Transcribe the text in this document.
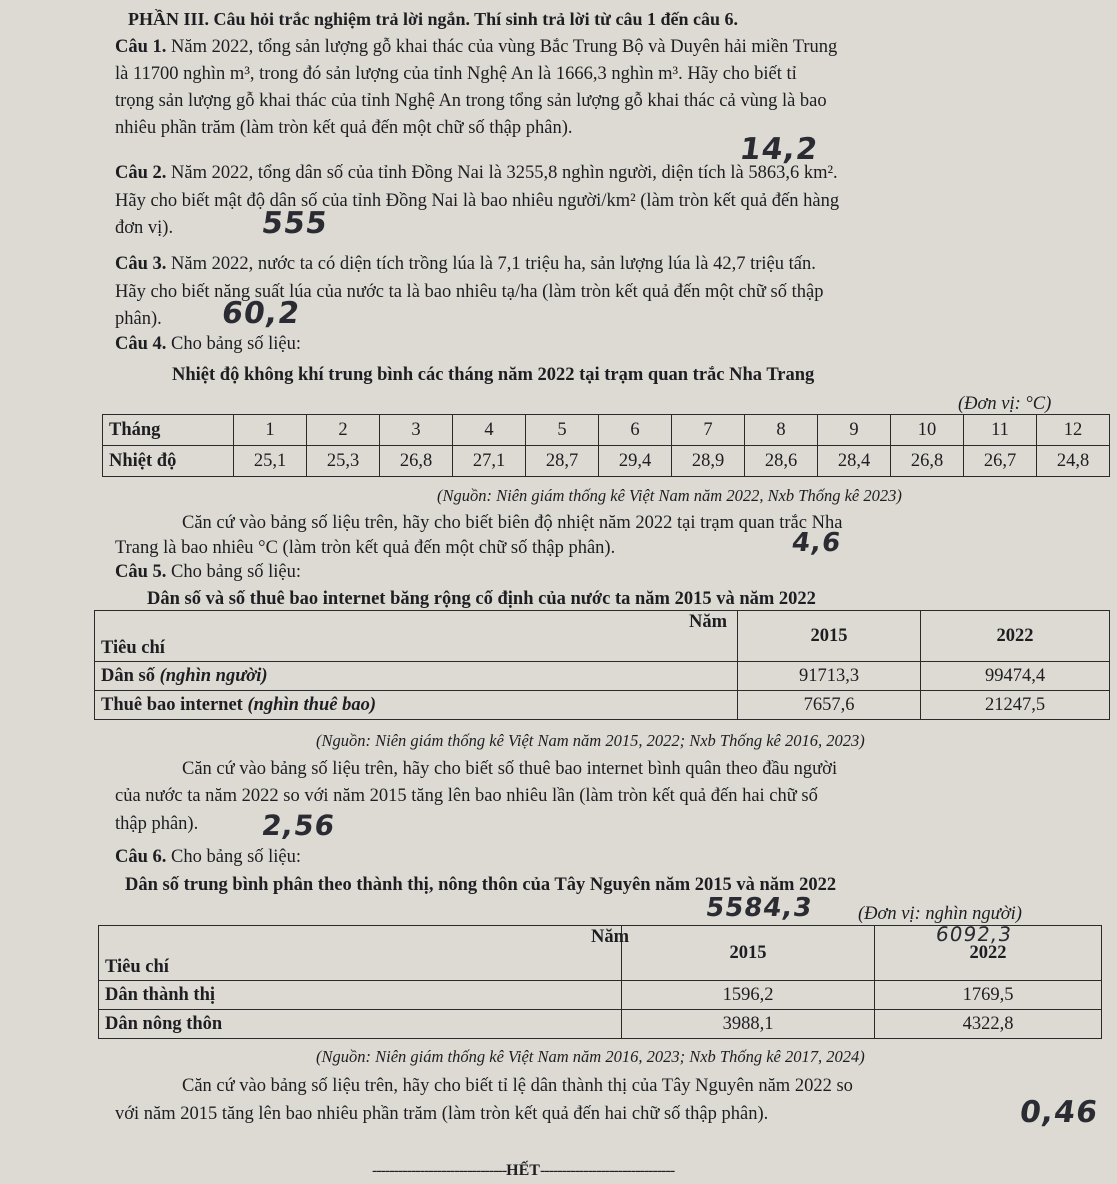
PHẦN III. Câu hỏi trắc nghiệm trả lời ngắn. Thí sinh trả lời từ câu 1 đến câu 6.
Câu 1. Năm 2022, tổng sản lượng gỗ khai thác của vùng Bắc Trung Bộ và Duyên hải miền Trung
là 11700 nghìn m³, trong đó sản lượng của tỉnh Nghệ An là 1666,3 nghìn m³. Hãy cho biết tỉ
trọng sản lượng gỗ khai thác của tỉnh Nghệ An trong tổng sản lượng gỗ khai thác cả vùng là bao
nhiêu phần trăm (làm tròn kết quả đến một chữ số thập phân).
14,2
Câu 2. Năm 2022, tổng dân số của tỉnh Đồng Nai là 3255,8 nghìn người, diện tích là 5863,6 km².
Hãy cho biết mật độ dân số của tỉnh Đồng Nai là bao nhiêu người/km² (làm tròn kết quả đến hàng
đơn vị).	555
Câu 3. Năm 2022, nước ta có diện tích trồng lúa là 7,1 triệu ha, sản lượng lúa là 42,7 triệu tấn.
Hãy cho biết năng suất lúa của nước ta là bao nhiêu tạ/ha (làm tròn kết quả đến một chữ số thập
phân). 60,2
Câu 4. Cho bảng số liệu:
Nhiệt độ không khí trung bình các tháng năm 2022 tại trạm quan trắc Nha Trang
(Đơn vị: °C)
Tháng	1	2	3	4	5	6	7	8	9	10	11	12
Nhiệt độ	25,1	25,3	26,8	27,1	28,7	29,4	28,9	28,6	28,4	26,8	26,7	24,8
(Nguồn: Niên giám thống kê Việt Nam năm 2022, Nxb Thống kê 2023)
Căn cứ vào bảng số liệu trên, hãy cho biết biên độ nhiệt năm 2022 tại trạm quan trắc Nha
Trang là bao nhiêu °C (làm tròn kết quả đến một chữ số thập phân).	4,6
Câu 5. Cho bảng số liệu:
Dân số và số thuê bao internet băng rộng cố định của nước ta năm 2015 và năm 2022
Năm
Tiêu chí	2015	2022
Dân số (nghìn người)	91713,3	99474,4
Thuê bao internet (nghìn thuê bao)	7657,6	21247,5
(Nguồn: Niên giám thống kê Việt Nam năm 2015, 2022; Nxb Thống kê 2016, 2023)
Căn cứ vào bảng số liệu trên, hãy cho biết số thuê bao internet bình quân theo đầu người
của nước ta năm 2022 so với năm 2015 tăng lên bao nhiêu lần (làm tròn kết quả đến hai chữ số
thập phân). 2,56
Câu 6. Cho bảng số liệu:
Dân số trung bình phân theo thành thị, nông thôn của Tây Nguyên năm 2015 và năm 2022
5584,3 (Đơn vị: nghìn người)
6092,3
Năm
Tiêu chí	2015	2022
Dân thành thị	1596,2	1769,5
Dân nông thôn	3988,1	4322,8
(Nguồn: Niên giám thống kê Việt Nam năm 2016, 2023; Nxb Thống kê 2017, 2024)
Căn cứ vào bảng số liệu trên, hãy cho biết tỉ lệ dân thành thị của Tây Nguyên năm 2022 so
với năm 2015 tăng lên bao nhiêu phần trăm (làm tròn kết quả đến hai chữ số thập phân).	0,46
-------------------------------HẾT-------------------------------
